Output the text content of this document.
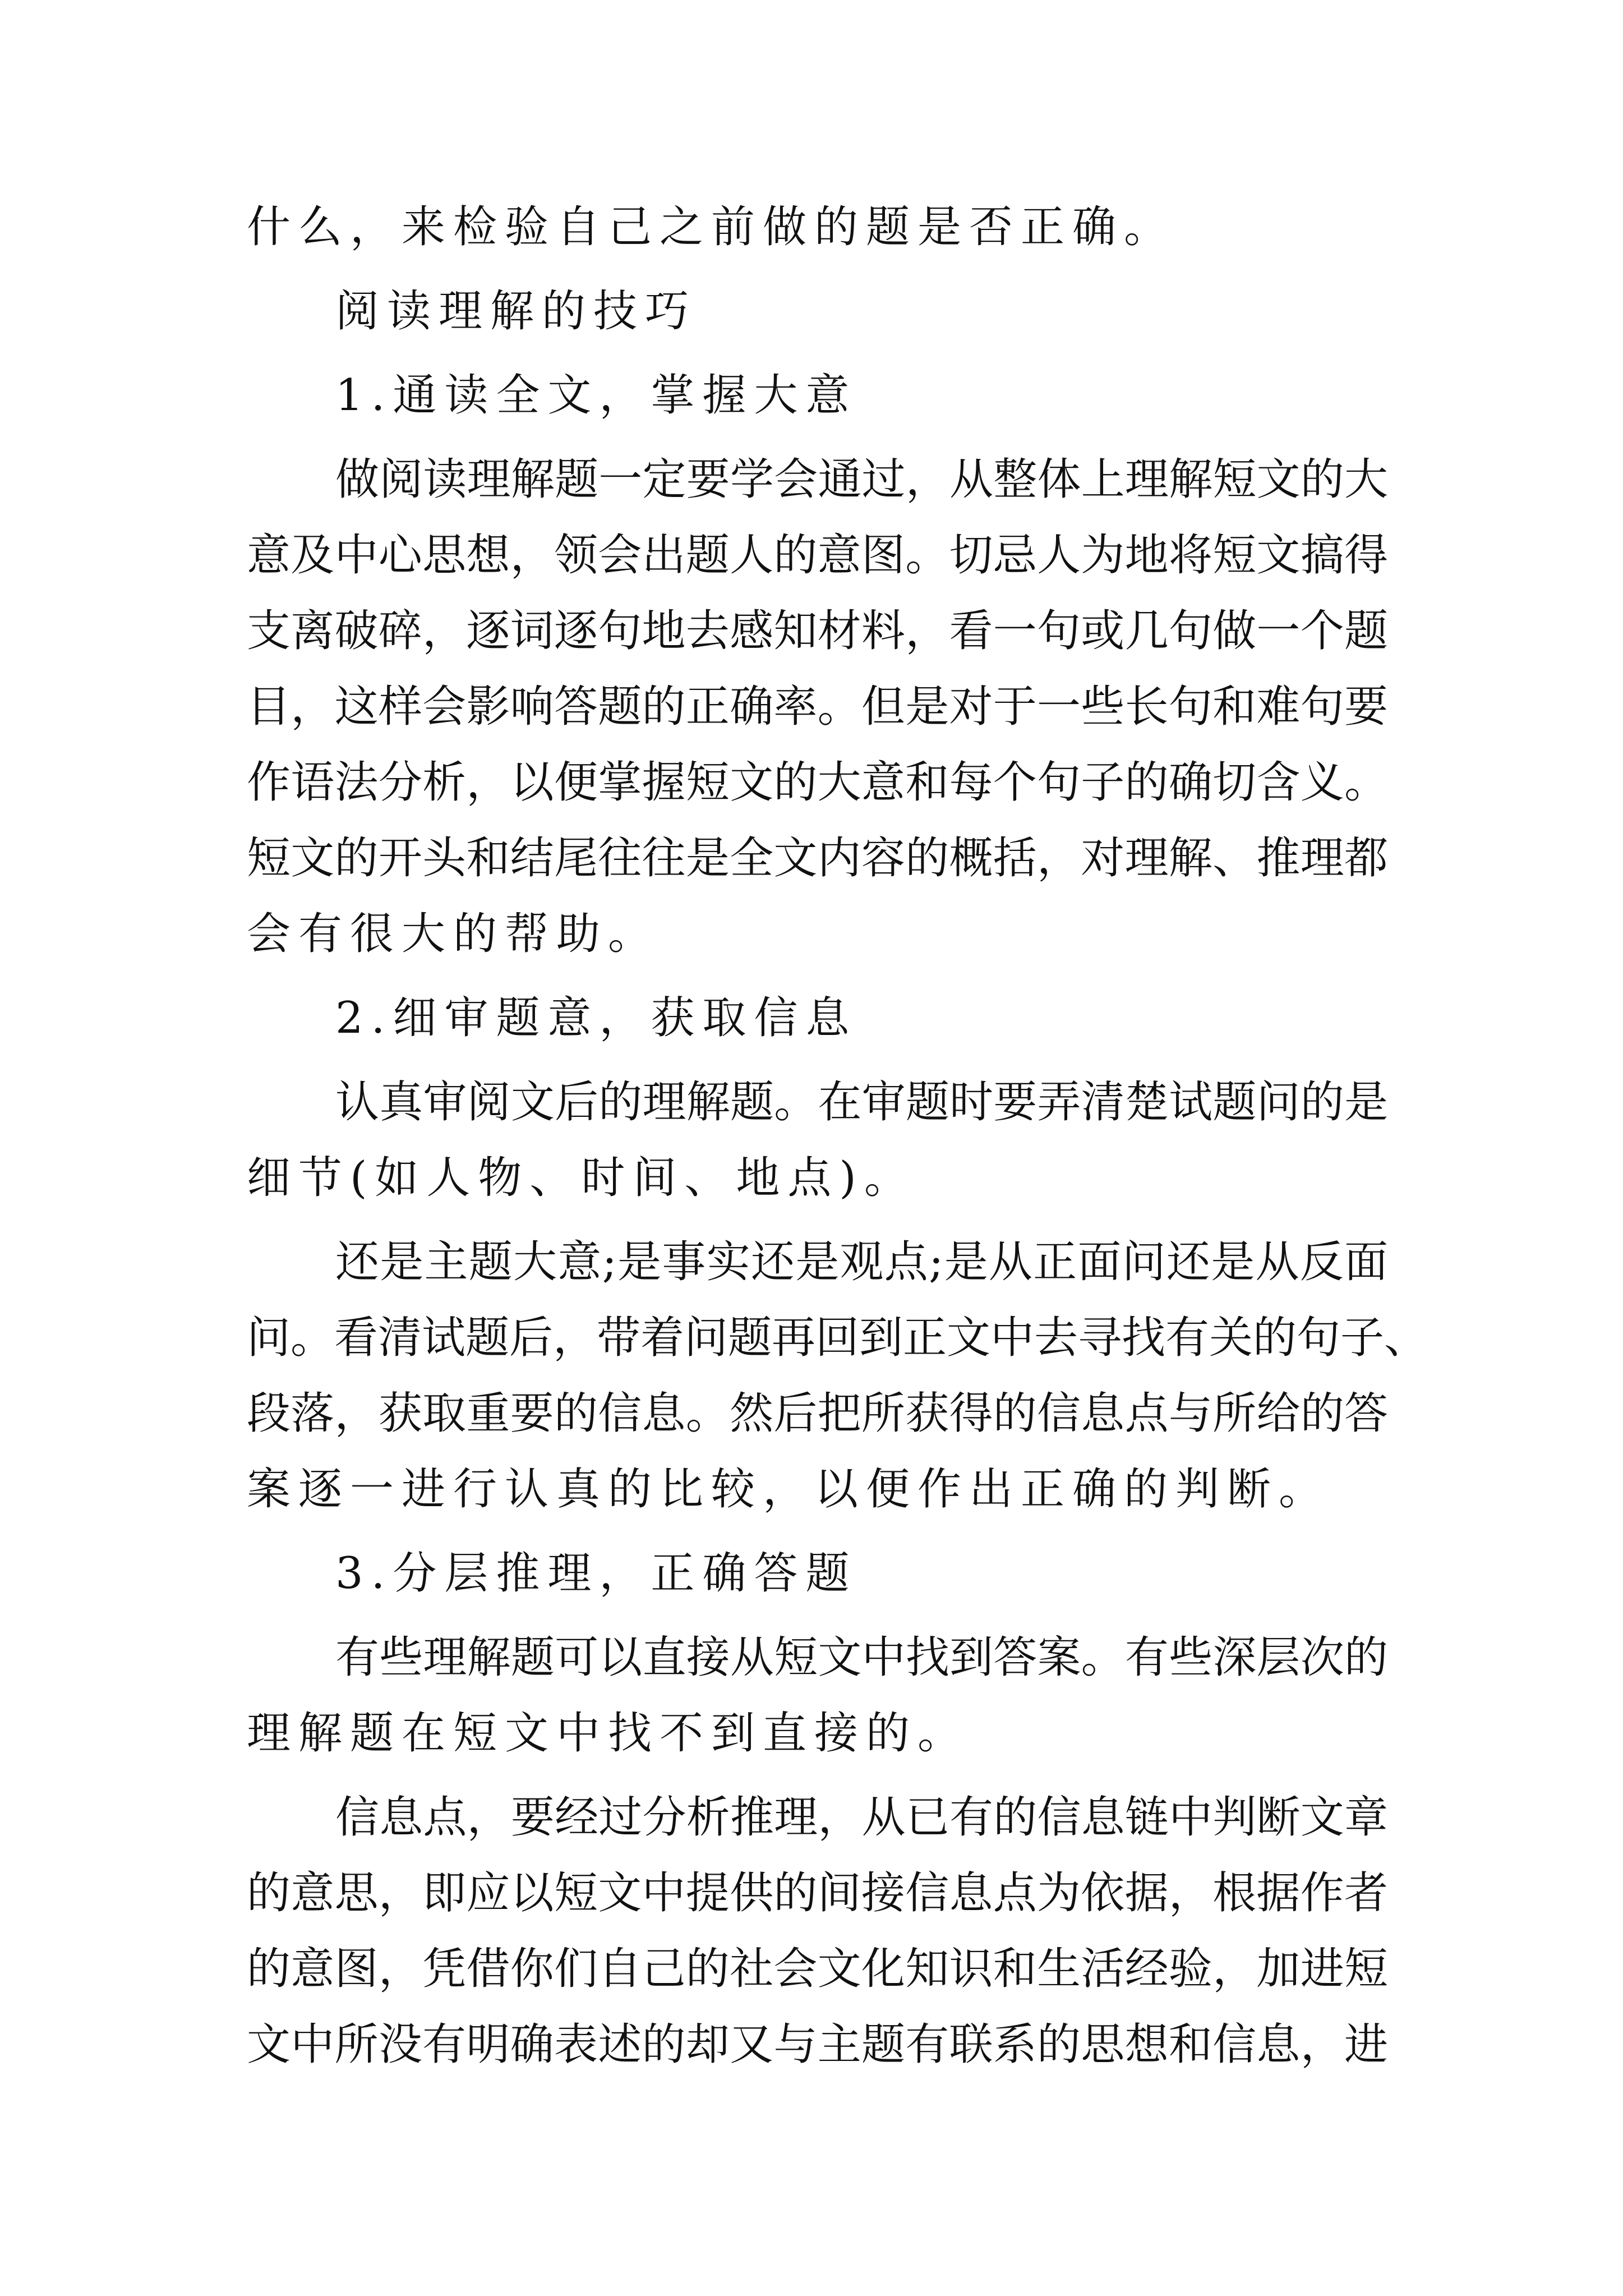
什么，来检验自己之前做的题是否正确。
阅读理解的技巧
1.通读全文，掌握大意
做阅读理解题一定要学会通过，从整体上理解短文的大
意及中心思想，领会出题人的意图。切忌人为地将短文搞得
支离破碎，逐词逐句地去感知材料，看一句或几句做一个题
目，这样会影响答题的正确率。但是对于一些长句和难句要
作语法分析，以便掌握短文的大意和每个句子的确切含义。
短文的开头和结尾往往是全文内容的概括，对理解、推理都
会有很大的帮助。
2.细审题意，获取信息
认真审阅文后的理解题。在审题时要弄清楚试题问的是
细节(如人物、时间、地点)。
还是主题大意;是事实还是观点;是从正面问还是从反面
问。看清试题后，带着问题再回到正文中去寻找有关的句子、
段落，获取重要的信息。然后把所获得的信息点与所给的答
案逐一进行认真的比较，以便作出正确的判断。
3.分层推理，正确答题
有些理解题可以直接从短文中找到答案。有些深层次的
理解题在短文中找不到直接的。
信息点，要经过分析推理，从已有的信息链中判断文章
的意思，即应以短文中提供的间接信息点为依据，根据作者
的意图，凭借你们自己的社会文化知识和生活经验，加进短
文中所没有明确表述的却又与主题有联系的思想和信息，进
